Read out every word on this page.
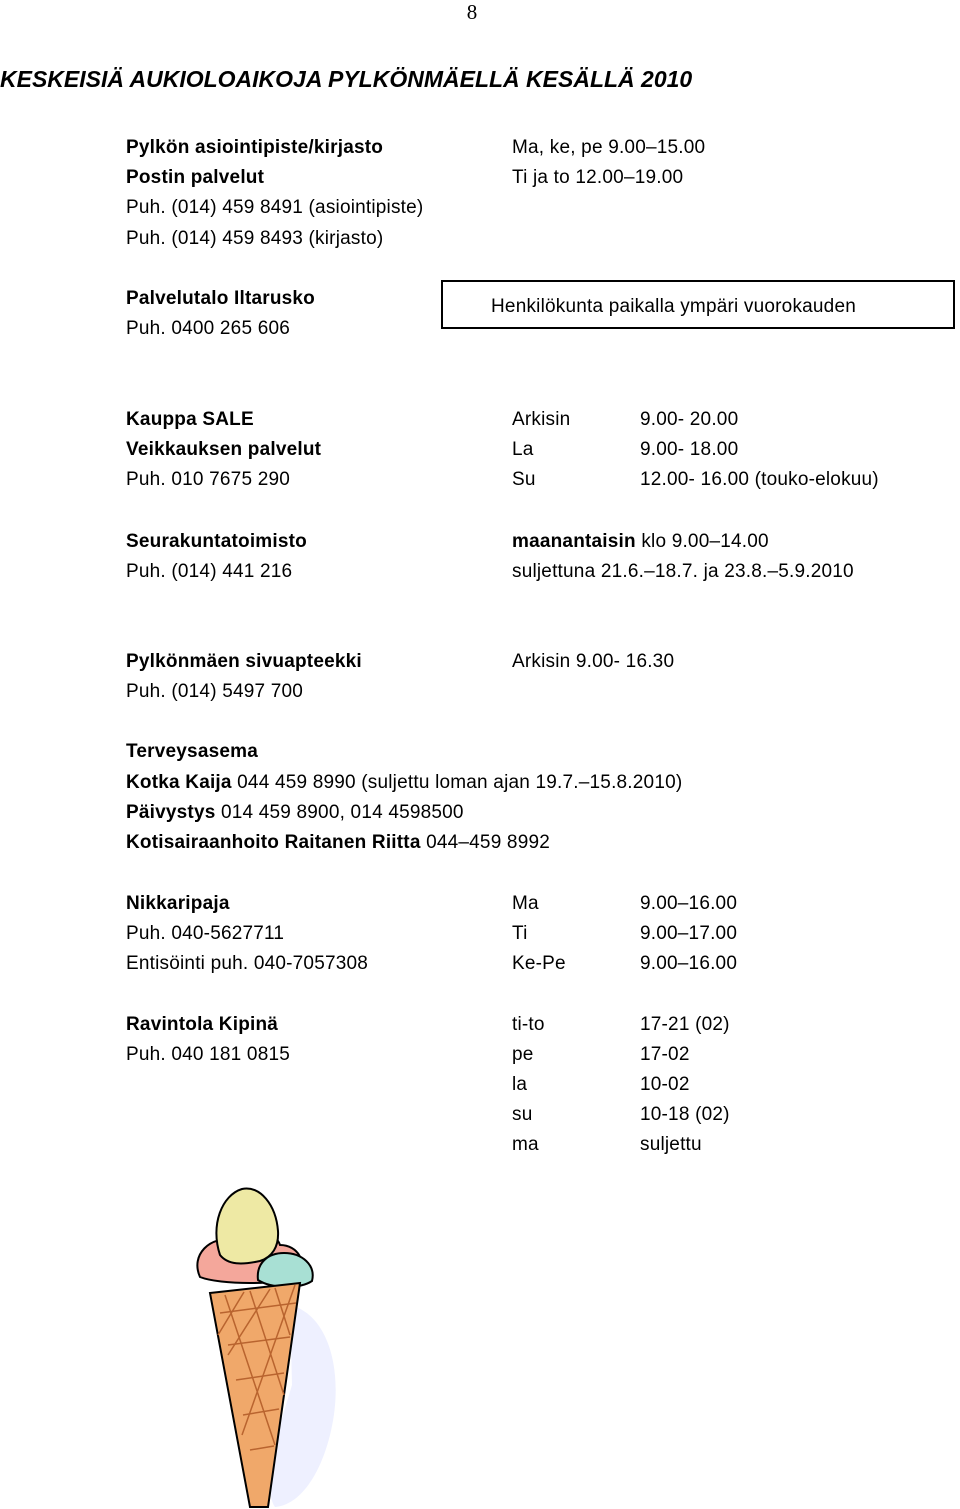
8
KESKEISIÄ AUKIOLOAIKOJA PYLKÖNMÄELLÄ KESÄLLÄ 2010
Pylkön asiointipiste/kirjasto	Ma, ke, pe 9.00–15.00
Postin palvelut	Ti ja to 12.00–19.00
Puh. (014) 459 8491 (asiointipiste)
Puh. (014) 459 8493 (kirjasto)
Palvelutalo Iltarusko
Puh. 0400 265 606
Henkilökunta paikalla ympäri vuorokauden
Kauppa SALE
Veikkauksen palvelut
Puh. 010 7675 290
Arkisin	9.00- 20.00
La	9.00- 18.00
Su	12.00- 16.00 (touko-elokuu)
Seurakuntatoimisto
Puh. (014) 441 216
maanantaisin klo 9.00–14.00
suljettuna 21.6.–18.7. ja 23.8.–5.9.2010
Pylkönmäen sivuapteekki	Arkisin 9.00- 16.30
Puh. (014) 5497 700
Terveysasema
Kotka Kaija 044 459 8990 (suljettu loman ajan 19.7.–15.8.2010)
Päivystys 014 459 8900, 014 4598500
Kotisairaanhoito Raitanen Riitta 044–459 8992
Nikkaripaja
Puh. 040-5627711
Entisöinti puh. 040-7057308
Ma	9.00–16.00
Ti	9.00–17.00
Ke-Pe	9.00–16.00
Ravintola Kipinä
Puh. 040 181 0815
ti-to	17-21 (02)
pe	17-02
la	10-02
su	10-18 (02)
ma	suljettu
